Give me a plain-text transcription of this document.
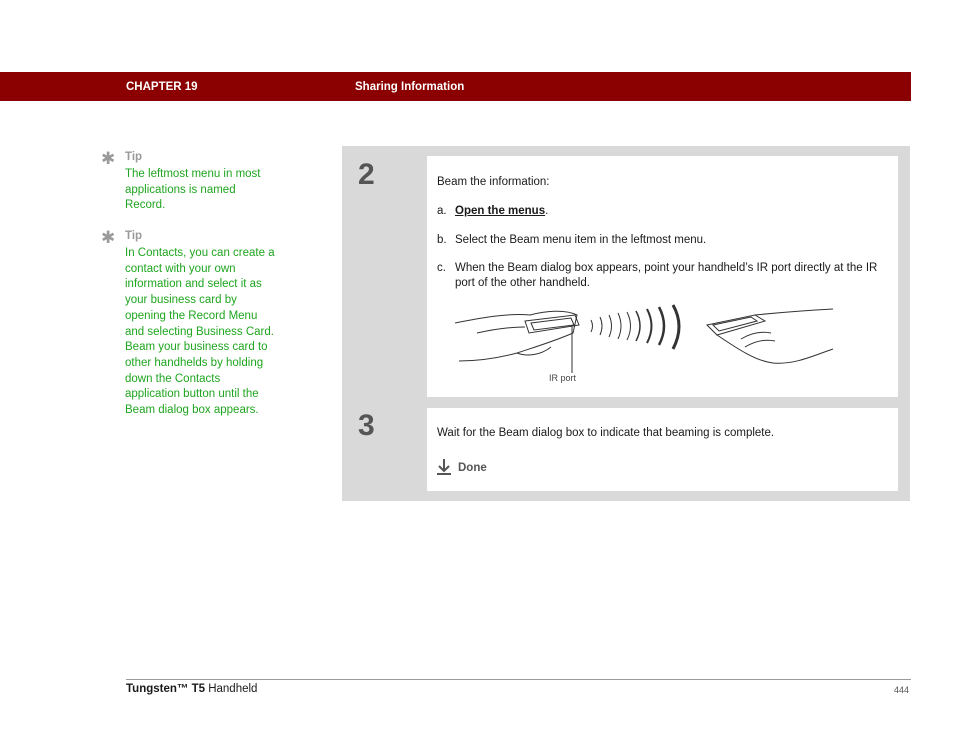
CHAPTER 19	Sharing Information
✱ Tip
The leftmost menu in most applications is named Record.
✱ Tip
In Contacts, you can create a contact with your own information and select it as your business card by opening the Record Menu and selecting Business Card. Beam your business card to other handhelds by holding down the Contacts application button until the Beam dialog box appears.
2	Beam the information:
a. Open the menus.
b. Select the Beam menu item in the leftmost menu.
c. When the Beam dialog box appears, point your handheld’s IR port directly at the IR port of the other handheld.
IR port
3	Wait for the Beam dialog box to indicate that beaming is complete.
Done
Tungsten™ T5 Handheld	444
